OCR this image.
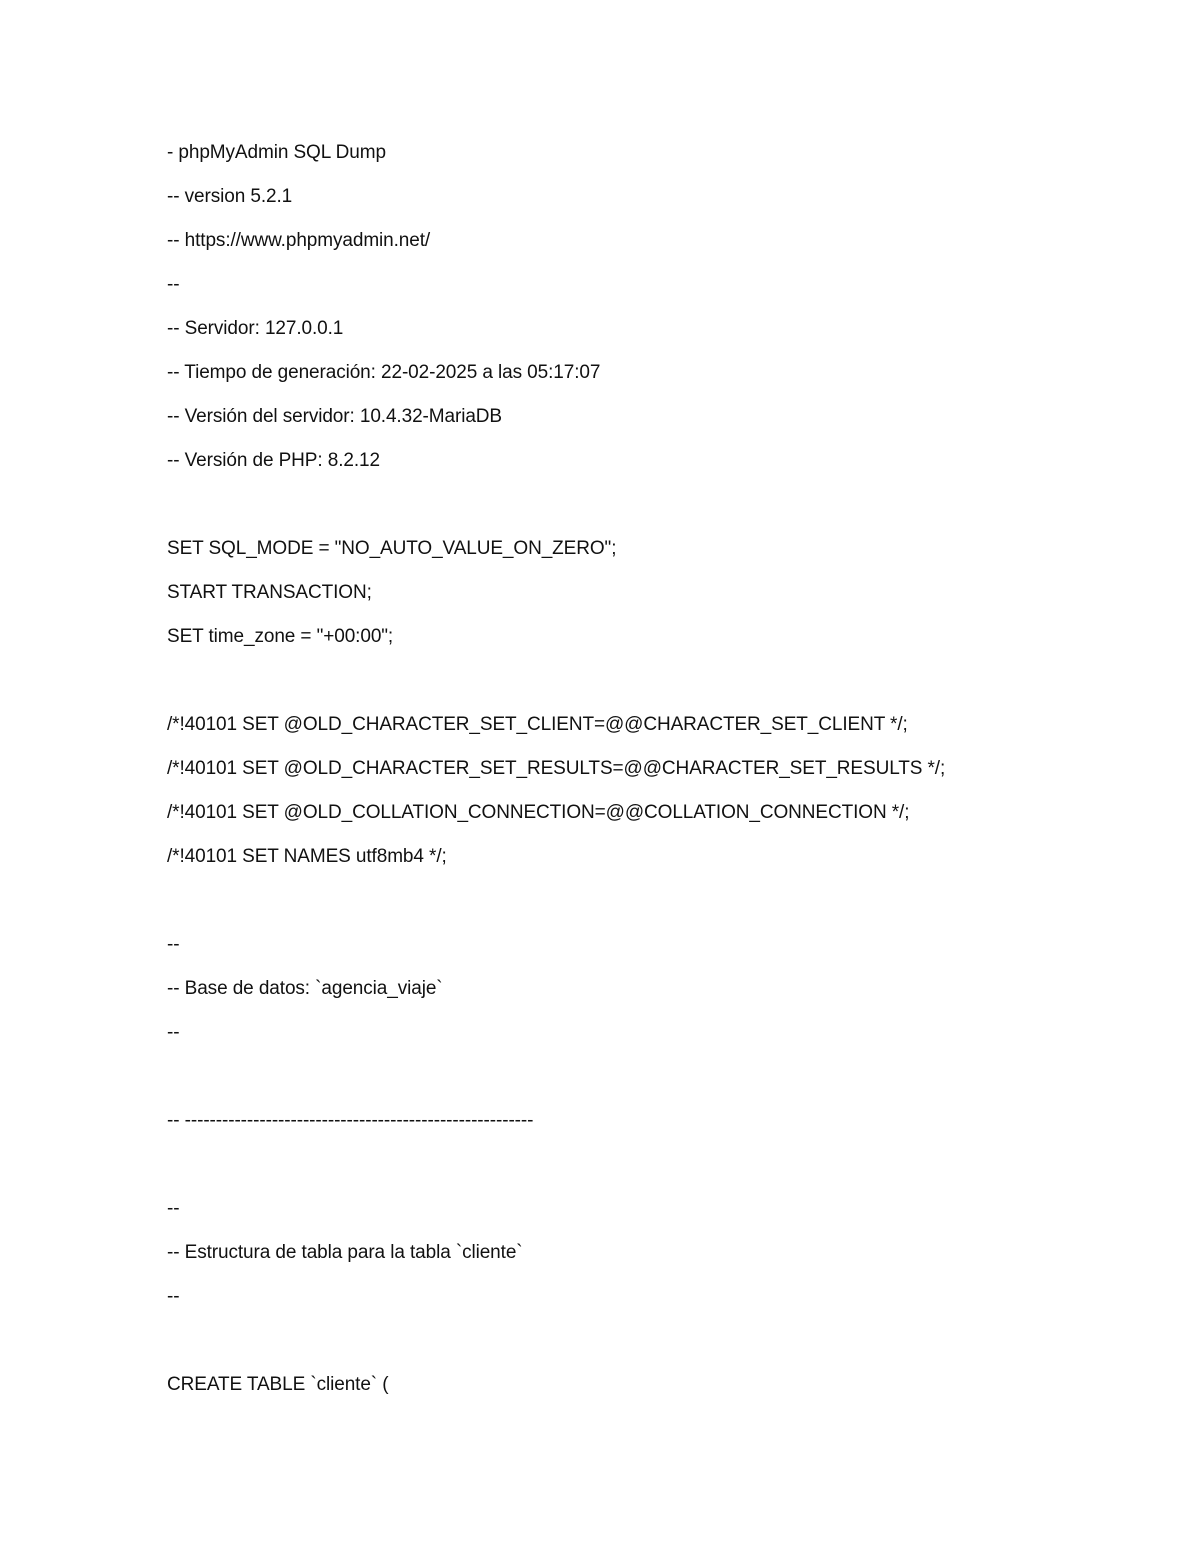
- phpMyAdmin SQL Dump
-- version 5.2.1
-- https://www.phpmyadmin.net/
--
-- Servidor: 127.0.0.1
-- Tiempo de generación: 22-02-2025 a las 05:17:07
-- Versión del servidor: 10.4.32-MariaDB
-- Versión de PHP: 8.2.12
SET SQL_MODE = "NO_AUTO_VALUE_ON_ZERO";
START TRANSACTION;
SET time_zone = "+00:00";
/*!40101 SET @OLD_CHARACTER_SET_CLIENT=@@CHARACTER_SET_CLIENT */;
/*!40101 SET @OLD_CHARACTER_SET_RESULTS=@@CHARACTER_SET_RESULTS */;
/*!40101 SET @OLD_COLLATION_CONNECTION=@@COLLATION_CONNECTION */;
/*!40101 SET NAMES utf8mb4 */;
--
-- Base de datos: `agencia_viaje`
--
-- --------------------------------------------------------
--
-- Estructura de tabla para la tabla `cliente`
--
CREATE TABLE `cliente` (
